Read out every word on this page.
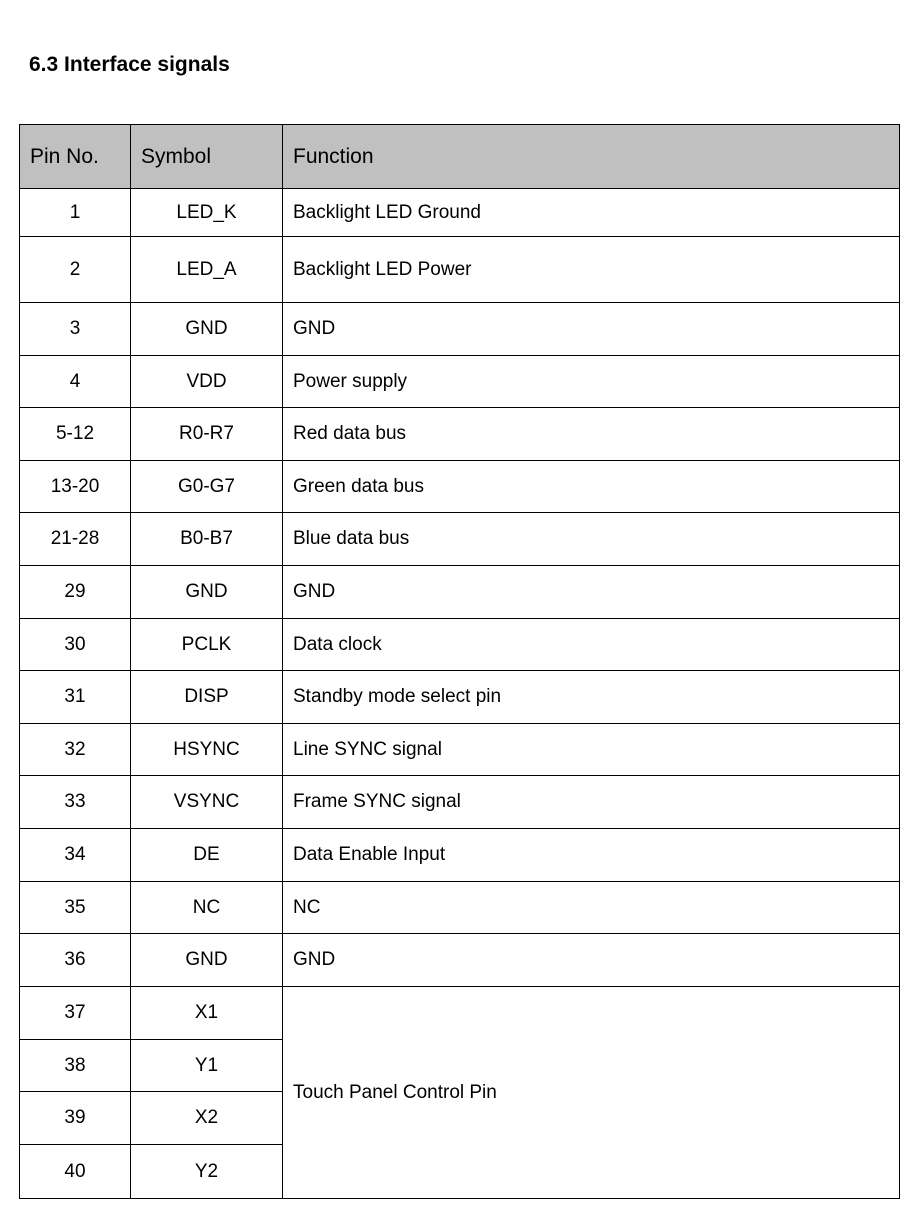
6.3 Interface signals
Pin No.	Symbol	Function
1	LED_K	Backlight LED Ground
2	LED_A	Backlight LED Power
3	GND	GND
4	VDD	Power supply
5-12	R0-R7	Red data bus
13-20	G0-G7	Green data bus
21-28	B0-B7	Blue data bus
29	GND	GND
30	PCLK	Data clock
31	DISP	Standby mode select pin
32	HSYNC	Line SYNC signal
33	VSYNC	Frame SYNC signal
34	DE	Data Enable Input
35	NC	NC
36	GND	GND
37	X1	Touch Panel Control Pin
38	Y1	
39	X2	
40	Y2	
